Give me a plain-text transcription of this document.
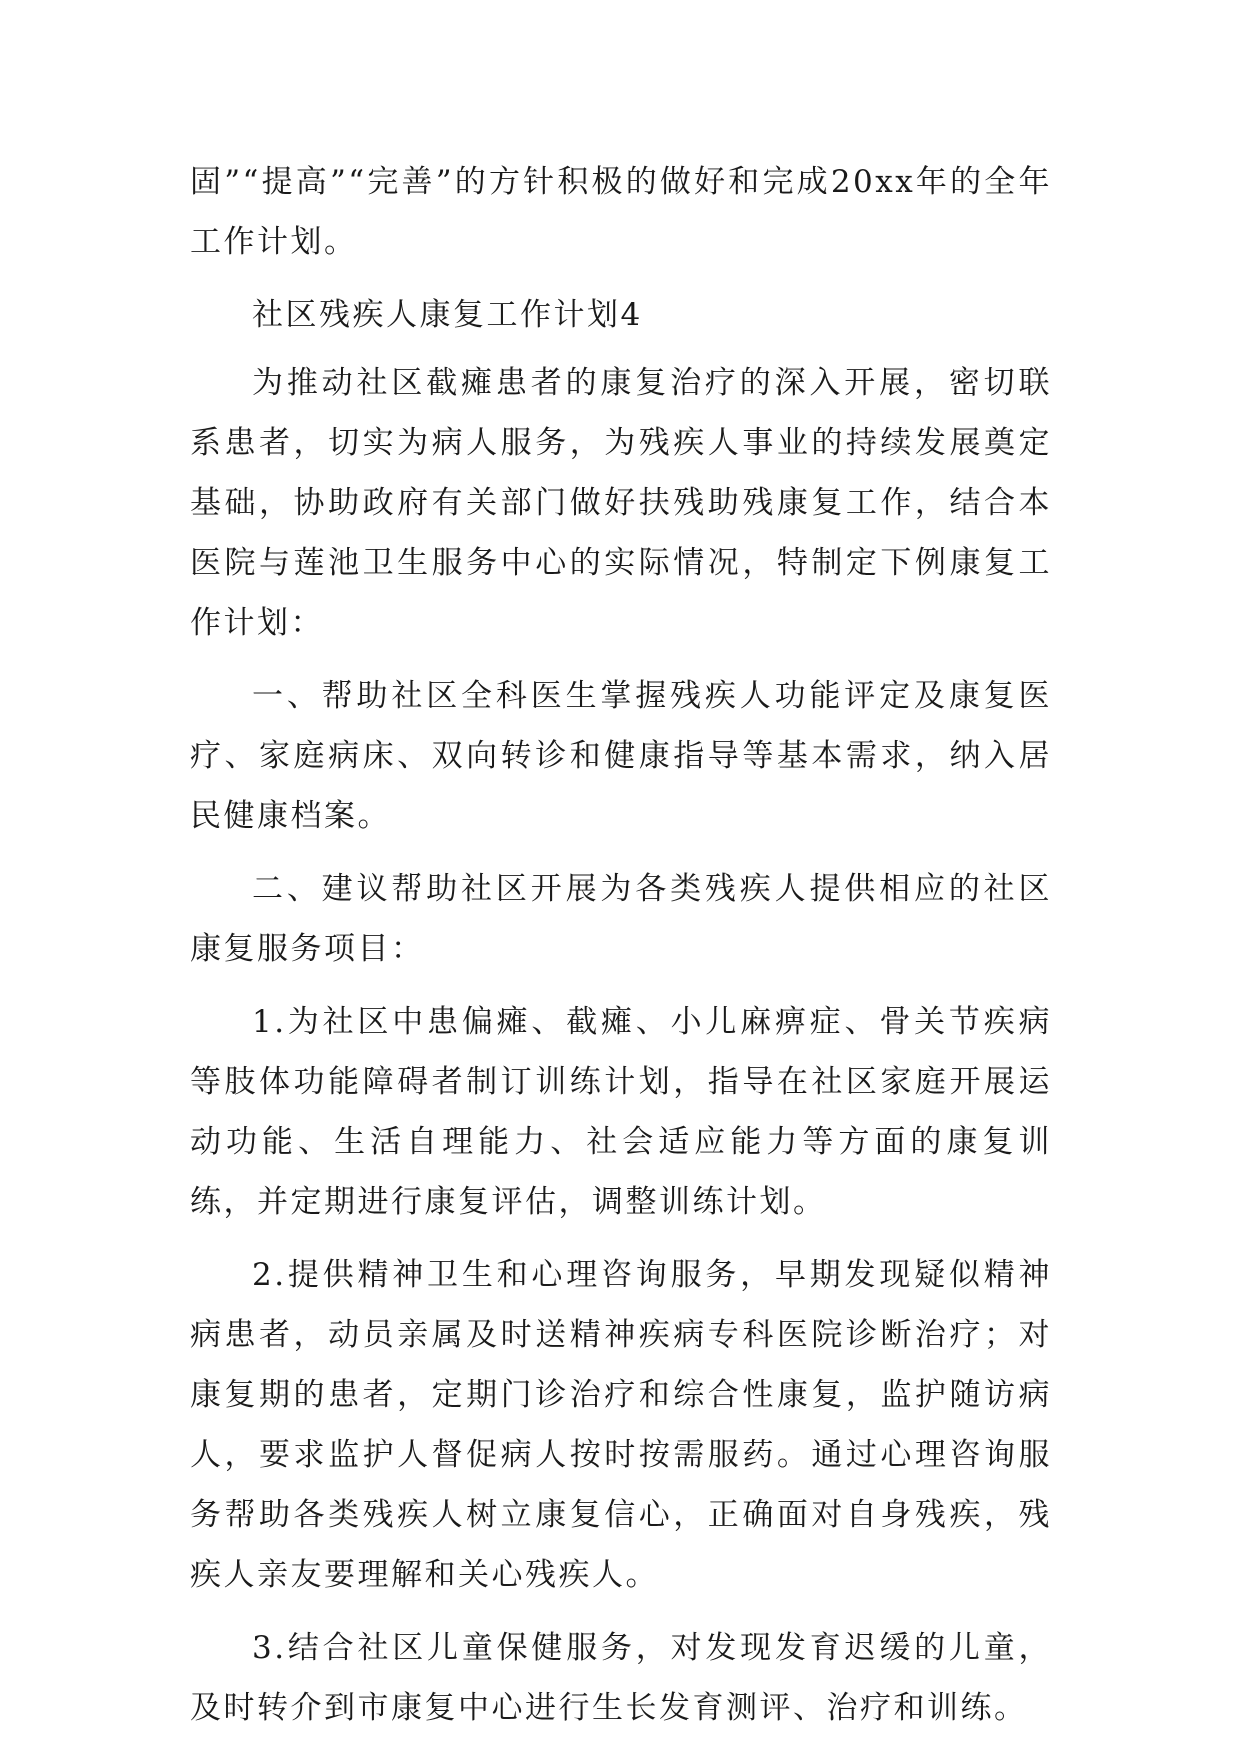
固”“提高”“完善”的方针积极的做好和完成20xx年的全年工作计划。

社区残疾人康复工作计划4

为推动社区截瘫患者的康复治疗的深入开展，密切联系患者，切实为病人服务，为残疾人事业的持续发展奠定基础，协助政府有关部门做好扶残助残康复工作，结合本医院与莲池卫生服务中心的实际情况，特制定下例康复工作计划：

一、帮助社区全科医生掌握残疾人功能评定及康复医疗、家庭病床、双向转诊和健康指导等基本需求，纳入居民健康档案。

二、建议帮助社区开展为各类残疾人提供相应的社区康复服务项目：

1.为社区中患偏瘫、截瘫、小儿麻痹症、骨关节疾病等肢体功能障碍者制订训练计划，指导在社区家庭开展运动功能、生活自理能力、社会适应能力等方面的康复训练，并定期进行康复评估，调整训练计划。

2.提供精神卫生和心理咨询服务，早期发现疑似精神病患者，动员亲属及时送精神疾病专科医院诊断治疗；对康复期的患者，定期门诊治疗和综合性康复，监护随访病人，要求监护人督促病人按时按需服药。通过心理咨询服务帮助各类残疾人树立康复信心，正确面对自身残疾，残疾人亲友要理解和关心残疾人。

3.结合社区儿童保健服务，对发现发育迟缓的儿童，及时转介到市康复中心进行生长发育测评、治疗和训练。
